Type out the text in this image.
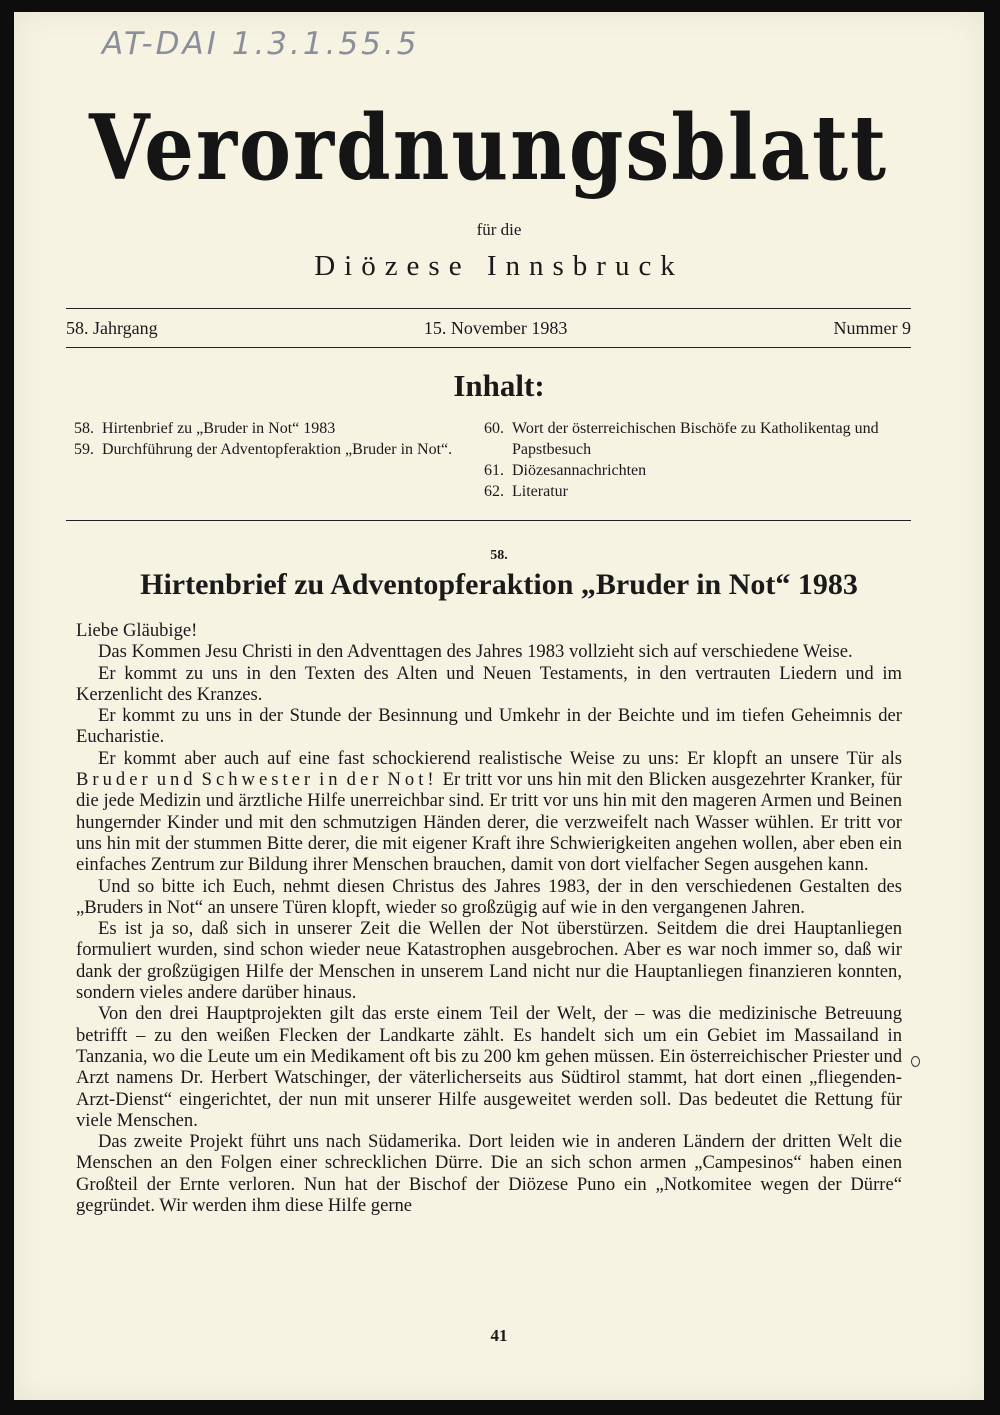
AT-DAI 1.3.1.55.5
Verordnungsblatt
für die
Diözese Innsbruck
58. Jahrgang	15. November 1983	Nummer 9
Inhalt:
58. Hirtenbrief zu „Bruder in Not“ 1983
59. Durchführung der Adventopferaktion „Bruder in Not“.
60. Wort der österreichischen Bischöfe zu Katholikentag und Papstbesuch
61. Diözesannachrichten
62. Literatur
58.
Hirtenbrief zu Adventopferaktion „Bruder in Not“ 1983

Liebe Gläubige!

Das Kommen Jesu Christi in den Adventtagen des Jahres 1983 vollzieht sich auf verschiedene Weise.

Er kommt zu uns in den Texten des Alten und Neuen Testaments, in den vertrauten Liedern und im Kerzenlicht des Kranzes.

Er kommt zu uns in der Stunde der Besinnung und Umkehr in der Beichte und im tiefen Geheimnis der Eucharistie.

Er kommt aber auch auf eine fast schockierend realistische Weise zu uns: Er klopft an unsere Tür als Bruder und Schwester in der Not! Er tritt vor uns hin mit den Blicken ausgezehrter Kranker, für die jede Medizin und ärztliche Hilfe unerreichbar sind. Er tritt vor uns hin mit den mageren Armen und Beinen hungernder Kinder und mit den schmutzigen Händen derer, die verzweifelt nach Wasser wühlen. Er tritt vor uns hin mit der stummen Bitte derer, die mit eigener Kraft ihre Schwierigkeiten angehen wollen, aber eben ein einfaches Zentrum zur Bildung ihrer Menschen brauchen, damit von dort vielfacher Segen ausgehen kann.

Und so bitte ich Euch, nehmt diesen Christus des Jahres 1983, der in den verschiedenen Gestalten des „Bruders in Not“ an unsere Türen klopft, wieder so großzügig auf wie in den vergangenen Jahren.

Es ist ja so, daß sich in unserer Zeit die Wellen der Not überstürzen. Seitdem die drei Hauptanliegen formuliert wurden, sind schon wieder neue Katastrophen ausgebrochen. Aber es war noch immer so, daß wir dank der großzügigen Hilfe der Menschen in unserem Land nicht nur die Hauptanliegen finanzieren konnten, sondern vieles andere darüber hinaus.

Von den drei Hauptprojekten gilt das erste einem Teil der Welt, der – was die medizinische Betreuung betrifft – zu den weißen Flecken der Landkarte zählt. Es handelt sich um ein Gebiet im Massailand in Tanzania, wo die Leute um ein Medikament oft bis zu 200 km gehen müssen. Ein österreichischer Priester und Arzt namens Dr. Herbert Watschinger, der väterlicherseits aus Südtirol stammt, hat dort einen „fliegenden-Arzt-Dienst“ eingerichtet, der nun mit unserer Hilfe ausgeweitet werden soll. Das bedeutet die Rettung für viele Menschen.

Das zweite Projekt führt uns nach Südamerika. Dort leiden wie in anderen Ländern der dritten Welt die Menschen an den Folgen einer schrecklichen Dürre. Die an sich schon armen „Campesinos“ haben einen Großteil der Ernte verloren. Nun hat der Bischof der Diözese Puno ein „Notkomitee wegen der Dürre“ gegründet. Wir werden ihm diese Hilfe gerne

41
